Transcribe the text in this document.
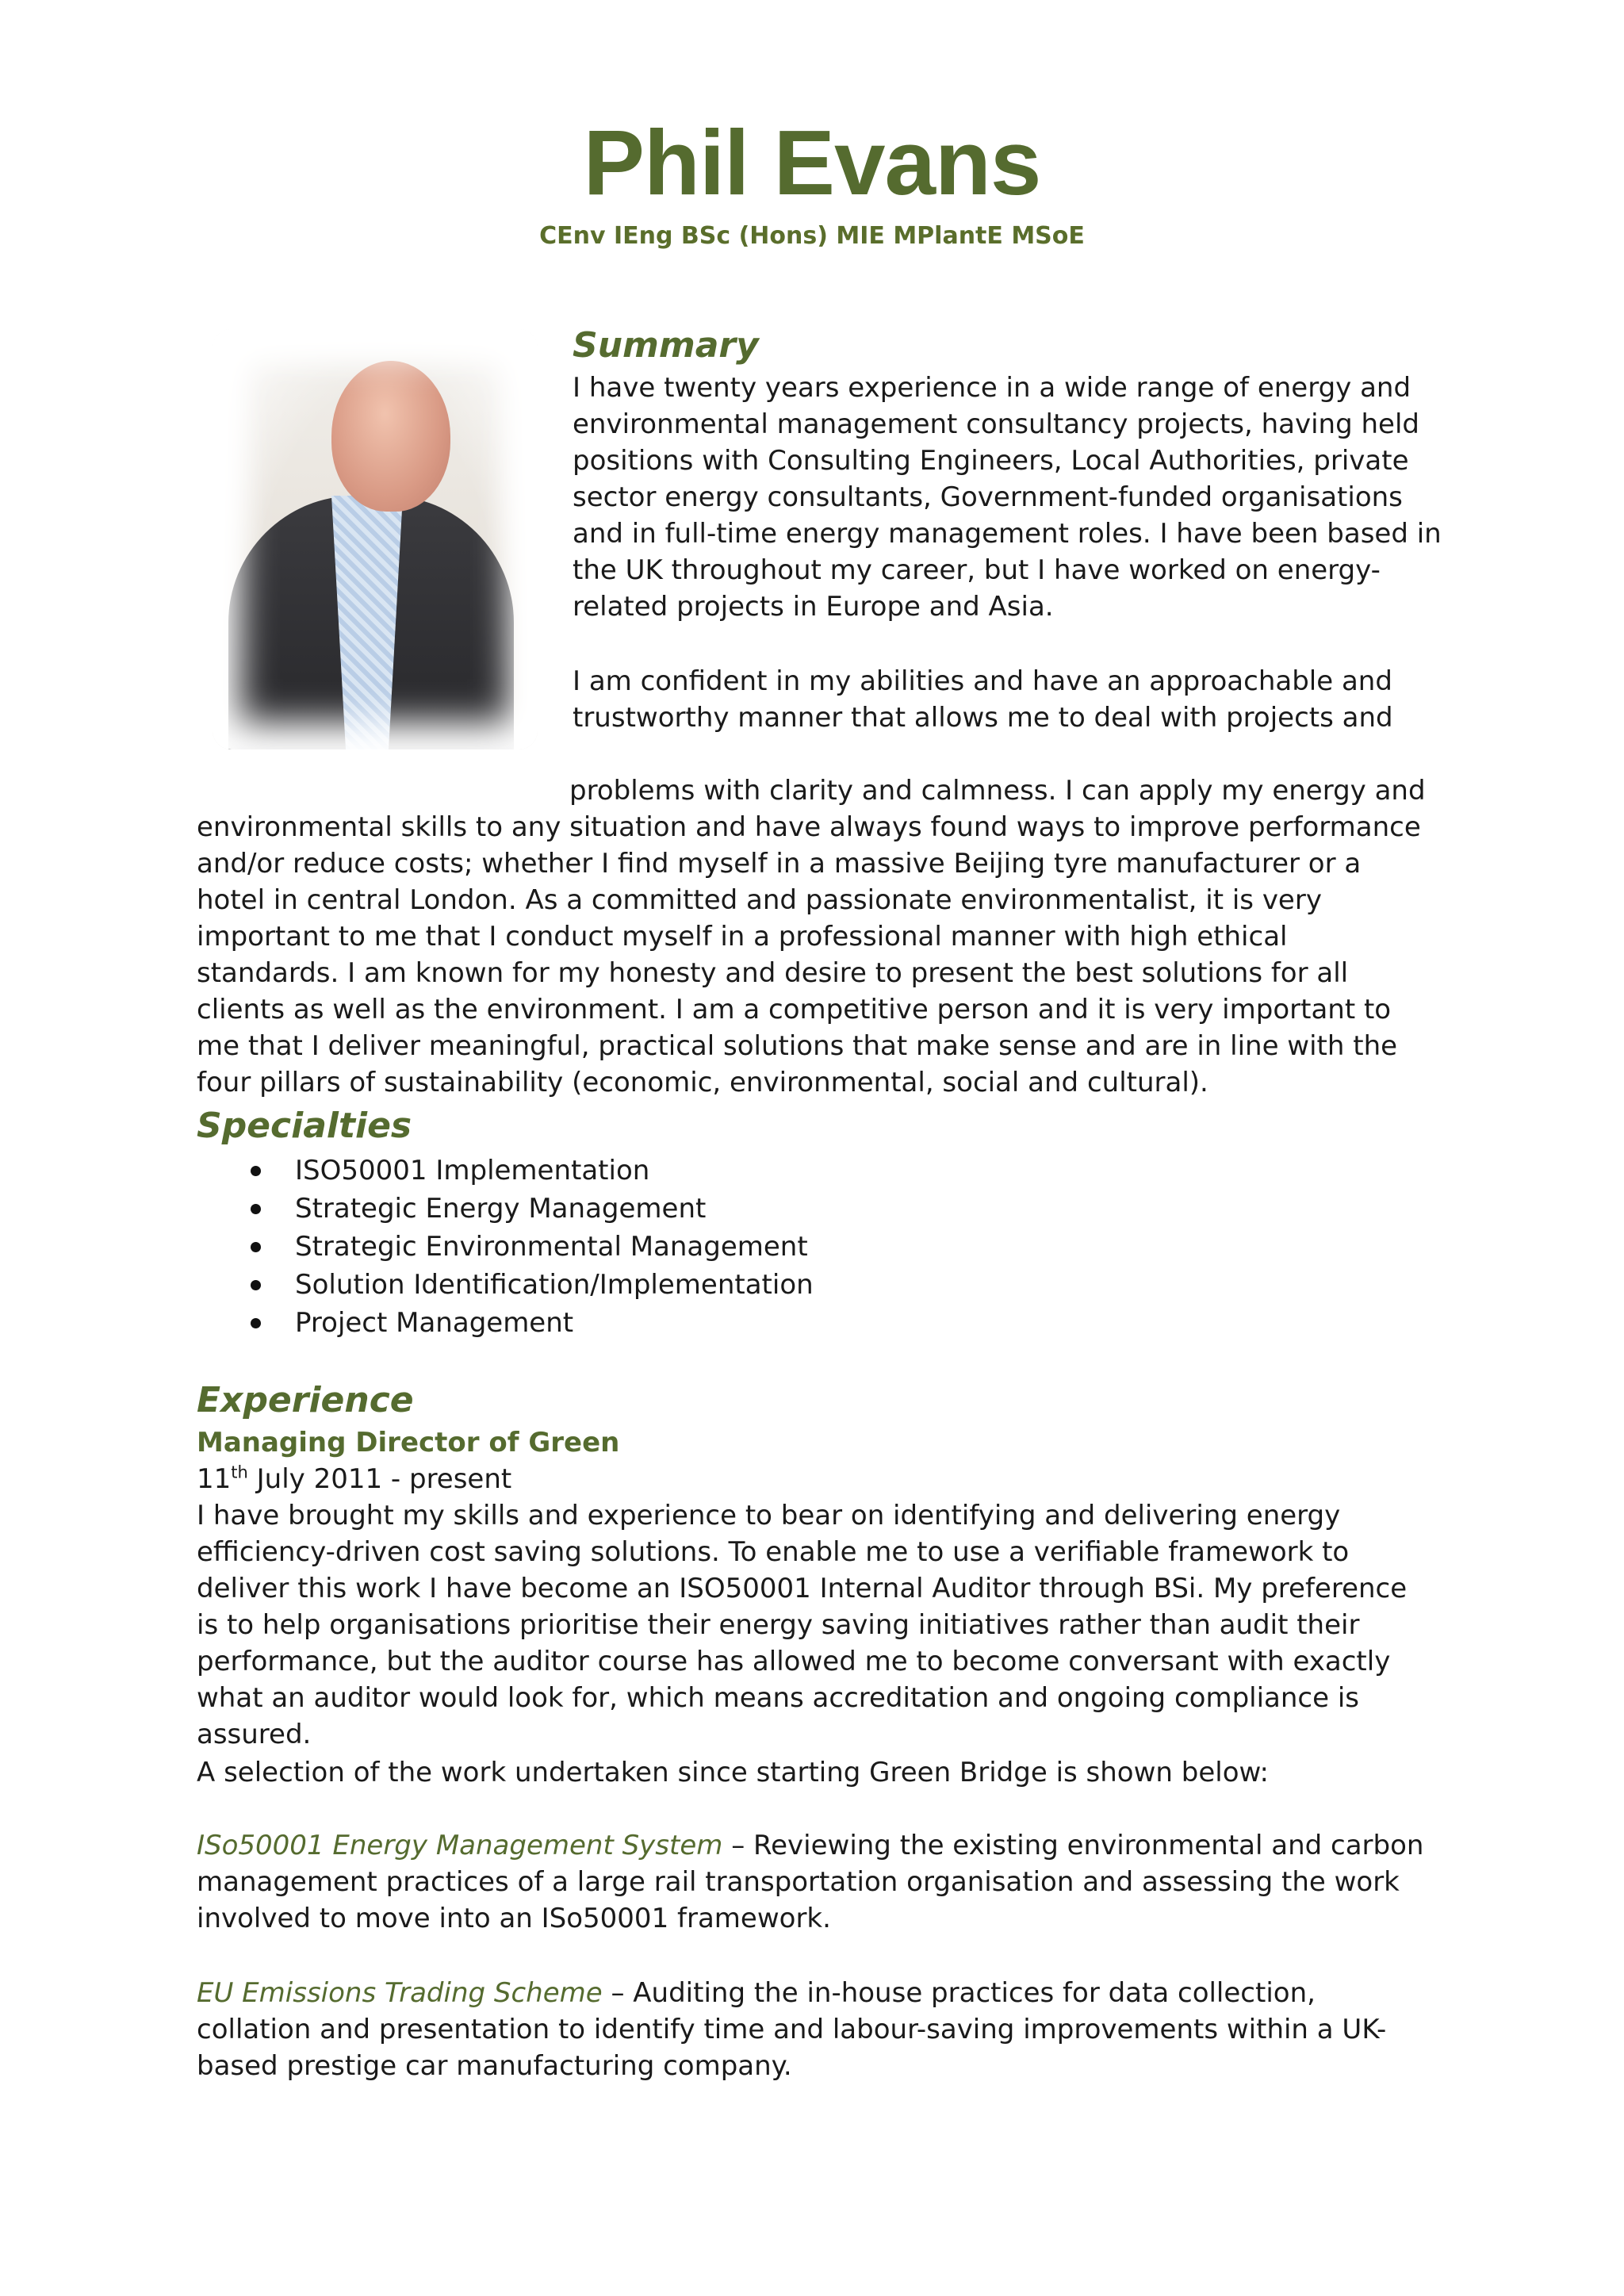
Phil Evans
CEnv IEng BSc (Hons) MIE MPlantE MSoE
Summary
I have twenty years experience in a wide range of energy and environmental management consultancy projects, having held positions with Consulting Engineers, Local Authorities, private sector energy consultants, Government-funded organisations and in full-time energy management roles. I have been based in the UK throughout my career, but I have worked on energy-related projects in Europe and Asia.
I am confident in my abilities and have an approachable and trustworthy manner that allows me to deal with projects and
problems with clarity and calmness. I can apply my energy and
environmental skills to any situation and have always found ways to improve performance and/or reduce costs; whether I find myself in a massive Beijing tyre manufacturer or a hotel in central London. As a committed and passionate environmentalist, it is very important to me that I conduct myself in a professional manner with high ethical standards. I am known for my honesty and desire to present the best solutions for all clients as well as the environment. I am a competitive person and it is very important to me that I deliver meaningful, practical solutions that make sense and are in line with the four pillars of sustainability (economic, environmental, social and cultural).
Specialties
ISO50001 Implementation
Strategic Energy Management
Strategic Environmental Management
Solution Identification/Implementation
Project Management
Experience
Managing Director of Green
11th July 2011 - present
I have brought my skills and experience to bear on identifying and delivering energy efficiency-driven cost saving solutions. To enable me to use a verifiable framework to deliver this work I have become an ISO50001 Internal Auditor through BSi. My preference is to help organisations prioritise their energy saving initiatives rather than audit their performance, but the auditor course has allowed me to become conversant with exactly what an auditor would look for, which means accreditation and ongoing compliance is assured.
A selection of the work undertaken since starting Green Bridge is shown below:
ISo50001 Energy Management System – Reviewing the existing environmental and carbon management practices of a large rail transportation organisation and assessing the work involved to move into an ISo50001 framework.
EU Emissions Trading Scheme – Auditing the in-house practices for data collection, collation and presentation to identify time and labour-saving improvements within a UK-based prestige car manufacturing company.
